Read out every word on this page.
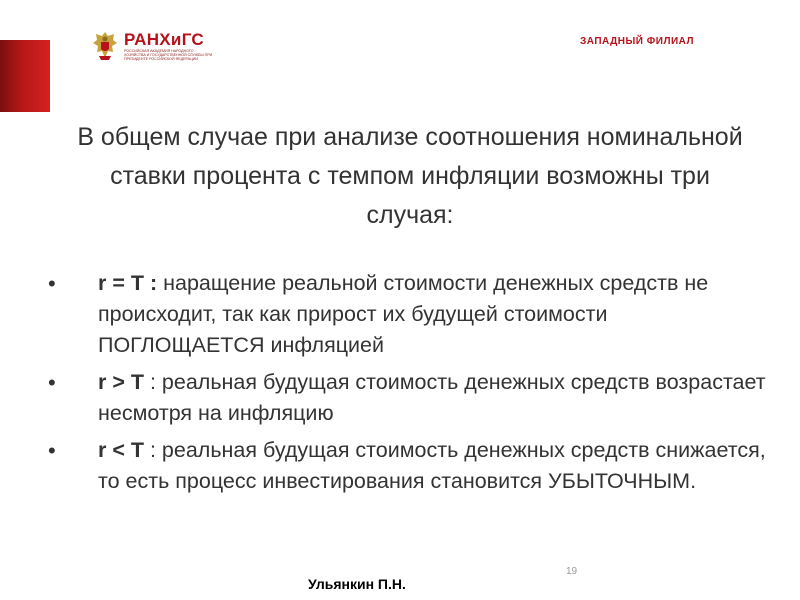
РАНХиГС
РОССИЙСКАЯ АКАДЕМИЯ НАРОДНОГО ХОЗЯЙСТВА И ГОСУДАРСТВЕННОЙ СЛУЖБЫ ПРИ ПРЕЗИДЕНТЕ РОССИЙСКОЙ ФЕДЕРАЦИИ
ЗАПАДНЫЙ ФИЛИАЛ
В общем случае при анализе соотношения номинальной ставки процента с темпом инфляции возможны три случая:
• r = T : наращение реальной стоимости денежных средств не происходит, так как прирост их будущей стоимости ПОГЛОЩАЕТСЯ инфляцией
• r > T : реальная будущая стоимость денежных средств возрастает несмотря на инфляцию
• r < T : реальная будущая стоимость денежных средств снижается, то есть процесс инвестирования становится УБЫТОЧНЫМ.
19
Ульянкин П.Н.
